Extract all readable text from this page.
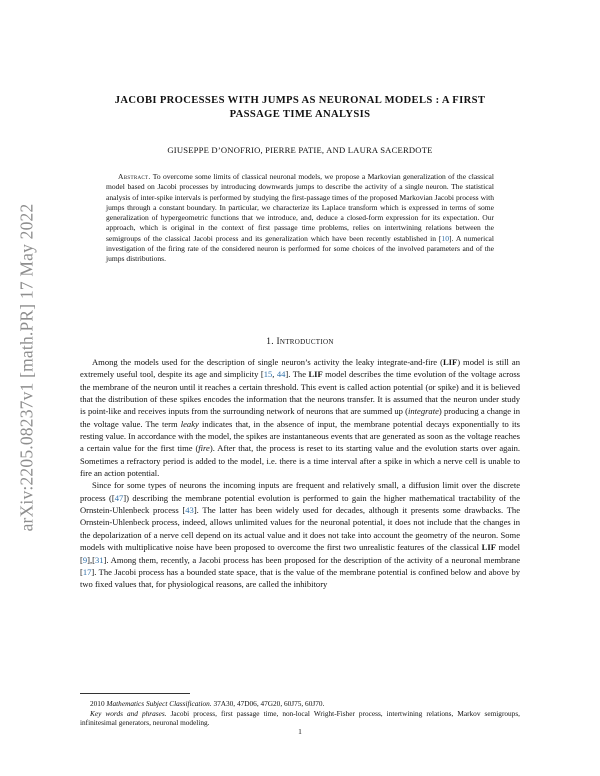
arXiv:2205.08237v1 [math.PR] 17 May 2022
JACOBI PROCESSES WITH JUMPS AS NEURONAL MODELS : A FIRST
PASSAGE TIME ANALYSIS
GIUSEPPE D’ONOFRIO, PIERRE PATIE, AND LAURA SACERDOTE
Abstract. To overcome some limits of classical neuronal models, we propose a Markovian generalization of the classical model based on Jacobi processes by introducing downwards jumps to describe the activity of a single neuron. The statistical analysis of inter-spike intervals is performed by studying the first-passage times of the proposed Markovian Jacobi process with jumps through a constant boundary. In particular, we characterize its Laplace transform which is expressed in terms of some generalization of hypergeometric functions that we introduce, and, deduce a closed-form expression for its expectation. Our approach, which is original in the context of first passage time problems, relies on intertwining relations between the semigroups of the classical Jacobi process and its generalization which have been recently established in [10]. A numerical investigation of the firing rate of the considered neuron is performed for some choices of the involved parameters and of the jumps distributions.
1. Introduction

Among the models used for the description of single neuron’s activity the leaky integrate-and-fire (LIF) model is still an extremely useful tool, despite its age and simplicity [15, 44]. The LIF model describes the time evolution of the voltage across the membrane of the neuron until it reaches a certain threshold. This event is called action potential (or spike) and it is believed that the distribution of these spikes encodes the information that the neurons transfer. It is assumed that the neuron under study is point-like and receives inputs from the surrounding network of neurons that are summed up (integrate) producing a change in the voltage value. The term leaky indicates that, in the absence of input, the membrane potential decays exponentially to its resting value. In accordance with the model, the spikes are instantaneous events that are generated as soon as the voltage reaches a certain value for the first time (fire). After that, the process is reset to its starting value and the evolution starts over again. Sometimes a refractory period is added to the model, i.e. there is a time interval after a spike in which a nerve cell is unable to fire an action potential.

Since for some types of neurons the incoming inputs are frequent and relatively small, a diffusion limit over the discrete process ([47]) describing the membrane potential evolution is performed to gain the higher mathematical tractability of the Ornstein-Uhlenbeck process [43]. The latter has been widely used for decades, although it presents some drawbacks. The Ornstein-Uhlenbeck process, indeed, allows unlimited values for the neuronal potential, it does not include that the changes in the depolarization of a nerve cell depend on its actual value and it does not take into account the geometry of the neuron. Some models with multiplicative noise have been proposed to overcome the first two unrealistic features of the classical LIF model [9],[31]. Among them, recently, a Jacobi process has been proposed for the description of the activity of a neuronal membrane [17]. The Jacobi process has a bounded state space, that is the value of the membrane potential is confined below and above by two fixed values that, for physiological reasons, are called the inhibitory

2010 Mathematics Subject Classification. 37A30, 47D06, 47G20, 60J75, 60J70.

Key words and phrases. Jacobi process, first passage time, non-local Wright-Fisher process, intertwining relations, Markov semigroups, infinitesimal generators, neuronal modeling.

1
